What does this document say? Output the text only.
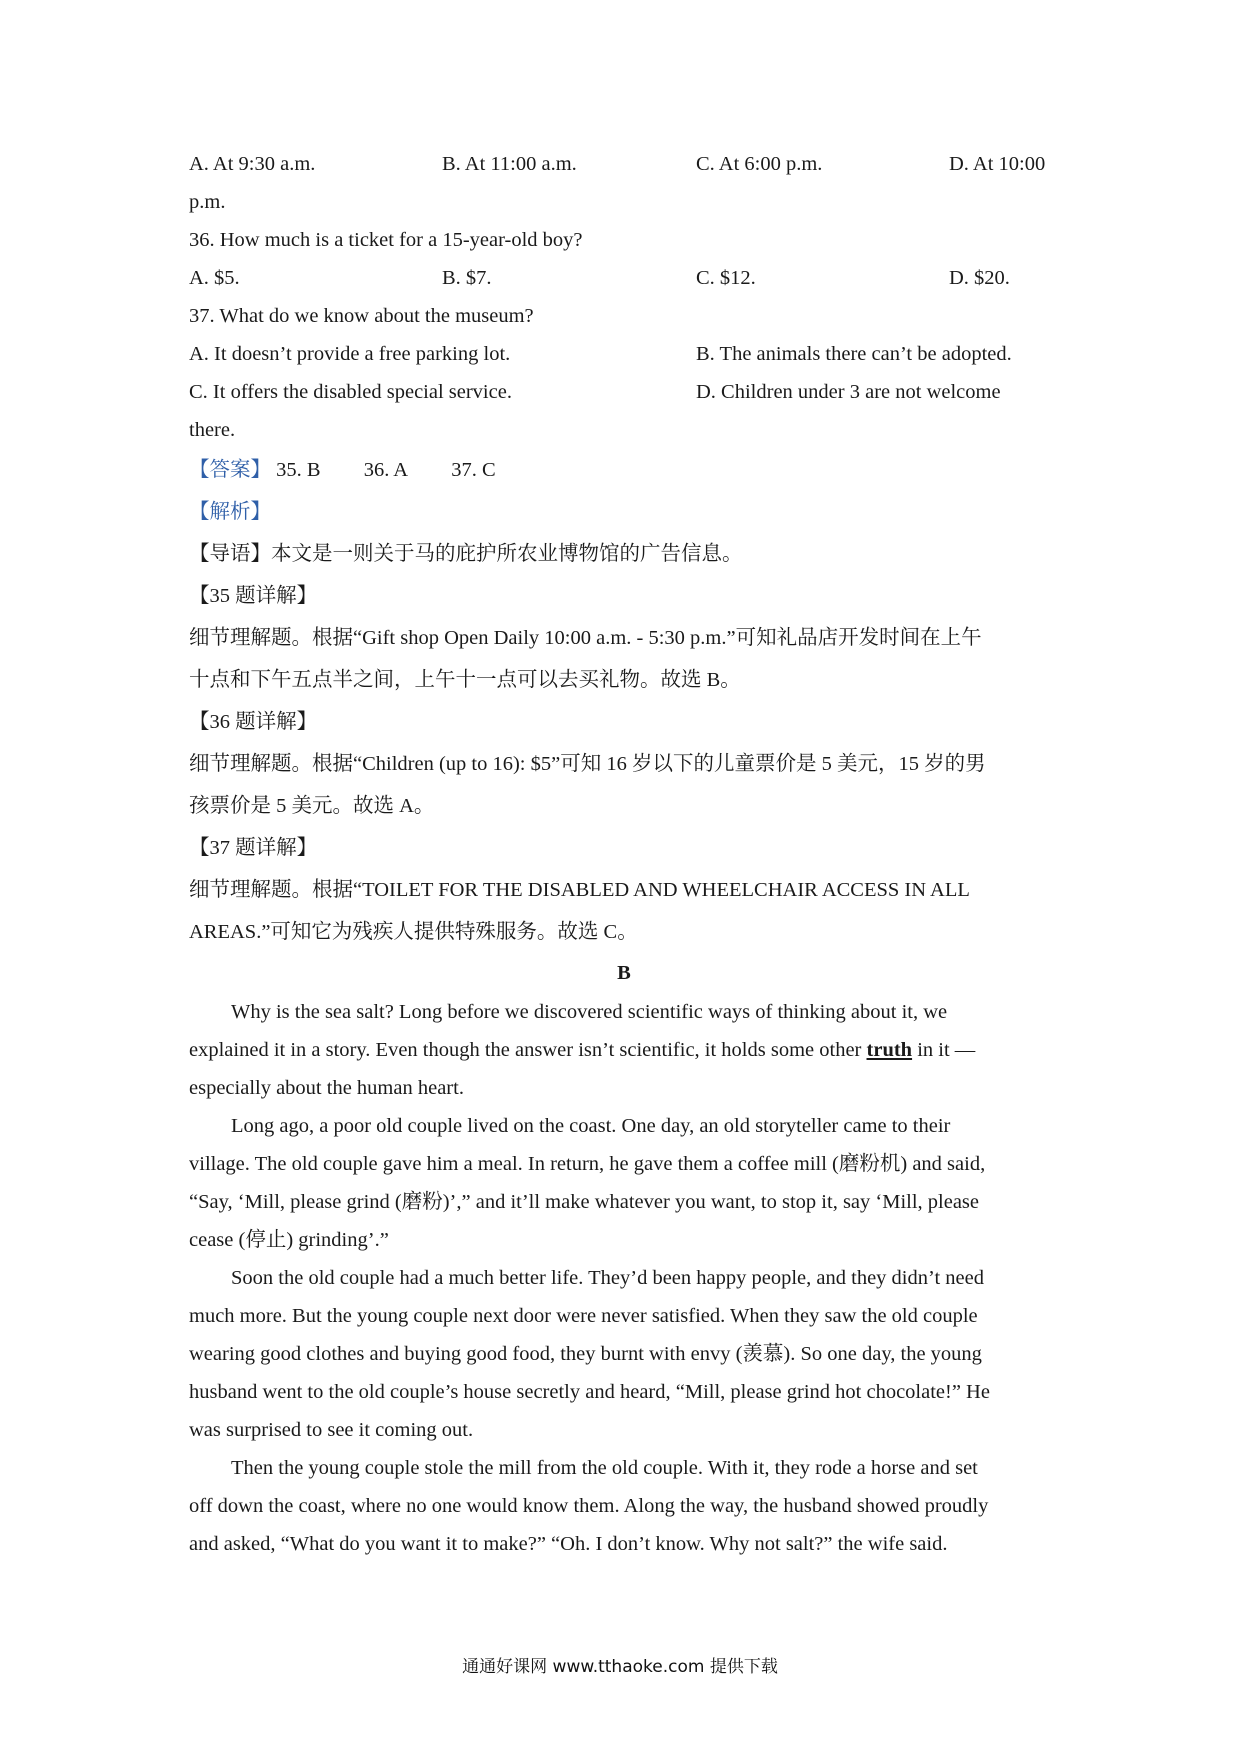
A. At 9:30 a.m.	B. At 11:00 a.m.	C. At 6:00 p.m.	D. At 10:00
p.m.
36. How much is a ticket for a 15-year-old boy?
A. $5.	B. $7.	C. $12.	D. $20.
37. What do we know about the museum?
A. It doesn’t provide a free parking lot.	B. The animals there can’t be adopted.
C. It offers the disabled special service.	D. Children under 3 are not welcome
there.
【答案】 35. B 36. A 37. C
【解析】
【导语】本文是一则关于马的庇护所农业博物馆的广告信息。
【35 题详解】
细节理解题。根据“Gift shop Open Daily 10:00 a.m. - 5:30 p.m.”可知礼品店开发时间在上午
十点和下午五点半之间，上午十一点可以去买礼物。故选 B。
【36 题详解】
细节理解题。根据“Children (up to 16): $5”可知 16 岁以下的儿童票价是 5 美元，15 岁的男
孩票价是 5 美元。故选 A。
【37 题详解】
细节理解题。根据“TOILET FOR THE DISABLED AND WHEELCHAIR ACCESS IN ALL
AREAS.”可知它为残疾人提供特殊服务。故选 C。
B
Why is the sea salt? Long before we discovered scientific ways of thinking about it, we
explained it in a story. Even though the answer isn’t scientific, it holds some other truth in it —
especially about the human heart.
Long ago, a poor old couple lived on the coast. One day, an old storyteller came to their
village. The old couple gave him a meal. In return, he gave them a coffee mill (磨粉机) and said,
“Say, ‘Mill, please grind (磨粉)’,” and it’ll make whatever you want, to stop it, say ‘Mill, please
cease (停止) grinding’.”
Soon the old couple had a much better life. They’d been happy people, and they didn’t need
much more. But the young couple next door were never satisfied. When they saw the old couple
wearing good clothes and buying good food, they burnt with envy (羡慕). So one day, the young
husband went to the old couple’s house secretly and heard, “Mill, please grind hot chocolate!” He
was surprised to see it coming out.
Then the young couple stole the mill from the old couple. With it, they rode a horse and set
off down the coast, where no one would know them. Along the way, the husband showed proudly
and asked, “What do you want it to make?” “Oh. I don’t know. Why not salt?” the wife said.
通通好课网 www.tthaoke.com 提供下载
